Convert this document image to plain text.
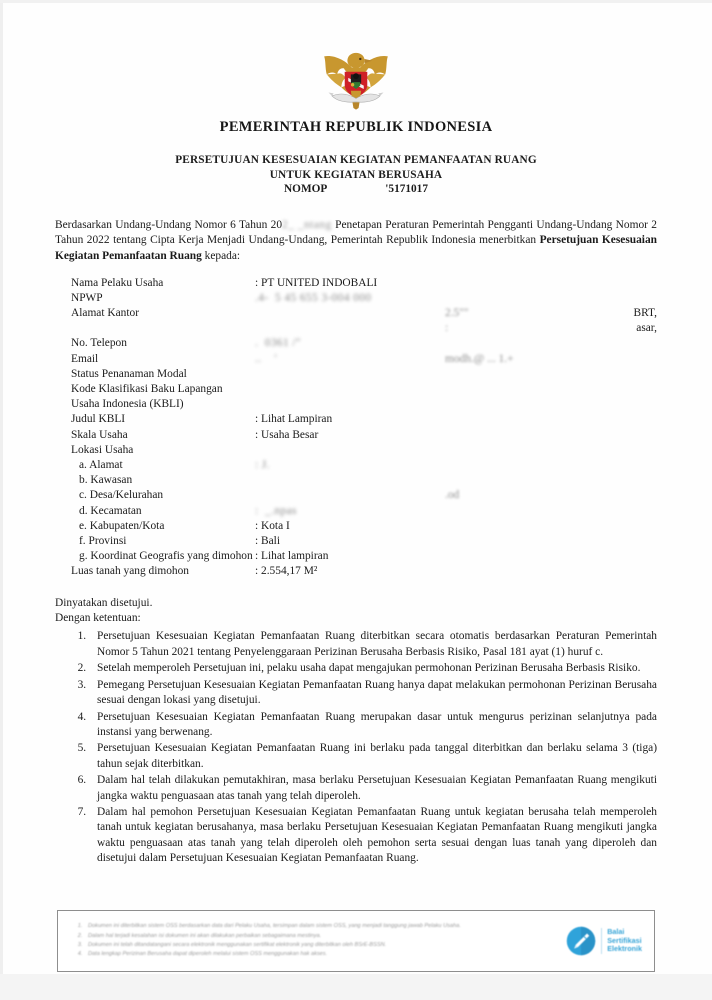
PEMERINTAH REPUBLIK INDONESIA
PERSETUJUAN KESESUAIAN KEGIATAN PEMANFAATAN RUANG
UNTUK KEGIATAN BERUSAHA
NOMOP	'5171017

Berdasarkan Undang-Undang Nomor 6 Tahun 202_ _ntang Penetapan Peraturan Pemerintah Pengganti Undang-Undang Nomor 2 Tahun 2022 tentang Cipta Kerja Menjadi Undang-Undang, Pemerintah Republik Indonesia menerbitkan Persetujuan Kesesuaian Kegiatan Pemanfaatan Ruang kepada:

Nama Pelaku Usaha	: PT UNITED INDOBALI
NPWP	.4-  5 45 655 3-004 000
Alamat Kantor
	2.5""	BRT,

:	asar,
No. Telepon	.  0361 /"
Email	..    '	modh.@ ... 1.+
Status Penanaman Modal

Kode Klasifikasi Baku Lapangan

Usaha Indonesia (KBLI)

Judul KBLI	: Lihat Lampiran
Skala Usaha	: Usaha Besar
Lokasi Usaha

a. Alamat	: J.
b. Kawasan

c. Desa/Kelurahan
	.od
d. Kecamatan	:  _.npas
e. Kabupaten/Kota	: Kota I
f. Provinsi	: Bali
g. Koordinat Geografis yang dimohon : Lihat lampiran
Luas tanah yang dimohon	: 2.554,17 M²
Dinyatakan disetujui.
Dengan ketentuan:
1. Persetujuan Kesesuaian Kegiatan Pemanfaatan Ruang diterbitkan secara otomatis berdasarkan Peraturan Pemerintah Nomor 5 Tahun 2021 tentang Penyelenggaraan Perizinan Berusaha Berbasis Risiko, Pasal 181 ayat (1) huruf c.
2. Setelah memperoleh Persetujuan ini, pelaku usaha dapat mengajukan permohonan Perizinan Berusaha Berbasis Risiko.
3. Pemegang Persetujuan Kesesuaian Kegiatan Pemanfaatan Ruang hanya dapat melakukan permohonan Perizinan Berusaha sesuai dengan lokasi yang disetujui.
4. Persetujuan Kesesuaian Kegiatan Pemanfaatan Ruang merupakan dasar untuk mengurus perizinan selanjutnya pada instansi yang berwenang.
5. Persetujuan Kesesuaian Kegiatan Pemanfaatan Ruang ini berlaku pada tanggal diterbitkan dan berlaku selama 3 (tiga) tahun sejak diterbitkan.
6. Dalam hal telah dilakukan pemutakhiran, masa berlaku Persetujuan Kesesuaian Kegiatan Pemanfaatan Ruang mengikuti jangka waktu penguasaan atas tanah yang telah diperoleh.
7. Dalam hal pemohon Persetujuan Kesesuaian Kegiatan Pemanfaatan Ruang untuk kegiatan berusaha telah memperoleh tanah untuk kegiatan berusahanya, masa berlaku Persetujuan Kesesuaian Kegiatan Pemanfaatan Ruang mengikuti jangka waktu penguasaan atas tanah yang telah diperoleh oleh pemohon serta sesuai dengan luas tanah yang diperoleh dan disetujui dalam Persetujuan Kesesuaian Kegiatan Pemanfaatan Ruang.
1. Dokumen ini diterbitkan sistem OSS berdasarkan data dari Pelaku Usaha, tersimpan dalam sistem OSS, yang menjadi tanggung jawab Pelaku Usaha.
2. Dalam hal terjadi kesalahan isi dokumen ini akan dilakukan perbaikan sebagaimana mestinya.
3. Dokumen ini telah ditandatangani secara elektronik menggunakan sertifikat elektronik yang diterbitkan oleh BSrE-BSSN.
4. Data lengkap Perizinan Berusaha dapat diperoleh melalui sistem OSS menggunakan hak akses.
Balai
Sertifikasi
Elektronik
